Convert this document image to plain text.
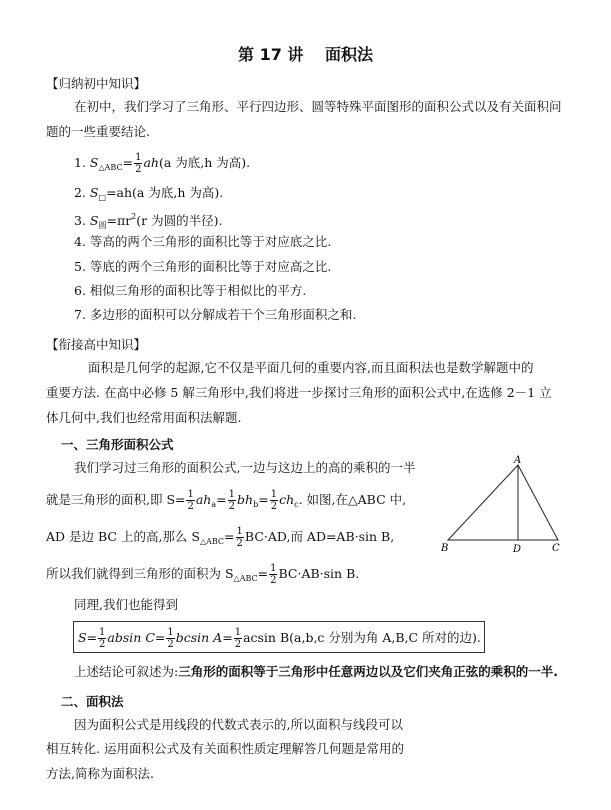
第 17 讲　 面积法
【归纳初中知识】
在初中，我们学习了三角形、平行四边形、圆等特殊平面图形的面积公式以及有关面积问
题的一些重要结论.
1. $S_{\triangle ABC}= \frac{1}{2} ah(a$ 为底,h 为高).
2. $S_□=ah(a$ 为底,h 为高).
3. $S_圆=\pi r^2(r$ 为圆的半径).
4. 等高的两个三角形的面积比等于对应底之比.
5. 等底的两个三角形的面积比等于对应高之比.
6. 相似三角形的面积比等于相似比的平方.
7. 多边形的面积可以分解成若干个三角形面积之和.
【衔接高中知识】
面积是几何学的起源,它不仅是平面几何的重要内容,而且面积法也是数学解题中的
重要方法. 在高中必修 5 解三角形中,我们将进一步探讨三角形的面积公式中,在选修 2－1 立
体几何中,我们也经常用面积法解题.
一、三角形面积公式
我们学习过三角形的面积公式,一边与这边上的高的乘积的一半
就是三角形的面积,即 $S= \frac{1}{2} ah_a= \frac{1}{2} bh_b= \frac{1}{2} ch_c$. 如图,在△ABC 中,
AD 是边 BC 上的高,那么 $S_{\triangle ABC}= \frac{1}{2} BC\cdot AD$,而 AD=AB·sin B,
所以我们就得到三角形的面积为 $S_{\triangle ABC}= \frac{1}{2} BC\cdot AB\cdot\sin$ B.
A
B	C
D
同理,我们也能得到
$S= \frac{1}{2}$ absin $C= \frac{1}{2}$ bcsin $A= \frac{1}{2}$ acsin B(a,b,c 分别为角 A,B,C 所对的边).
上述结论可叙述为:三角形的面积等于三角形中任意两边以及它们夹角正弦的乘积的一半.
二、面积法
因为面积公式是用线段的代数式表示的,所以面积与线段可以
相互转化. 运用面积公式及有关面积性质定理解答几何题是常用的
方法,简称为面积法.
